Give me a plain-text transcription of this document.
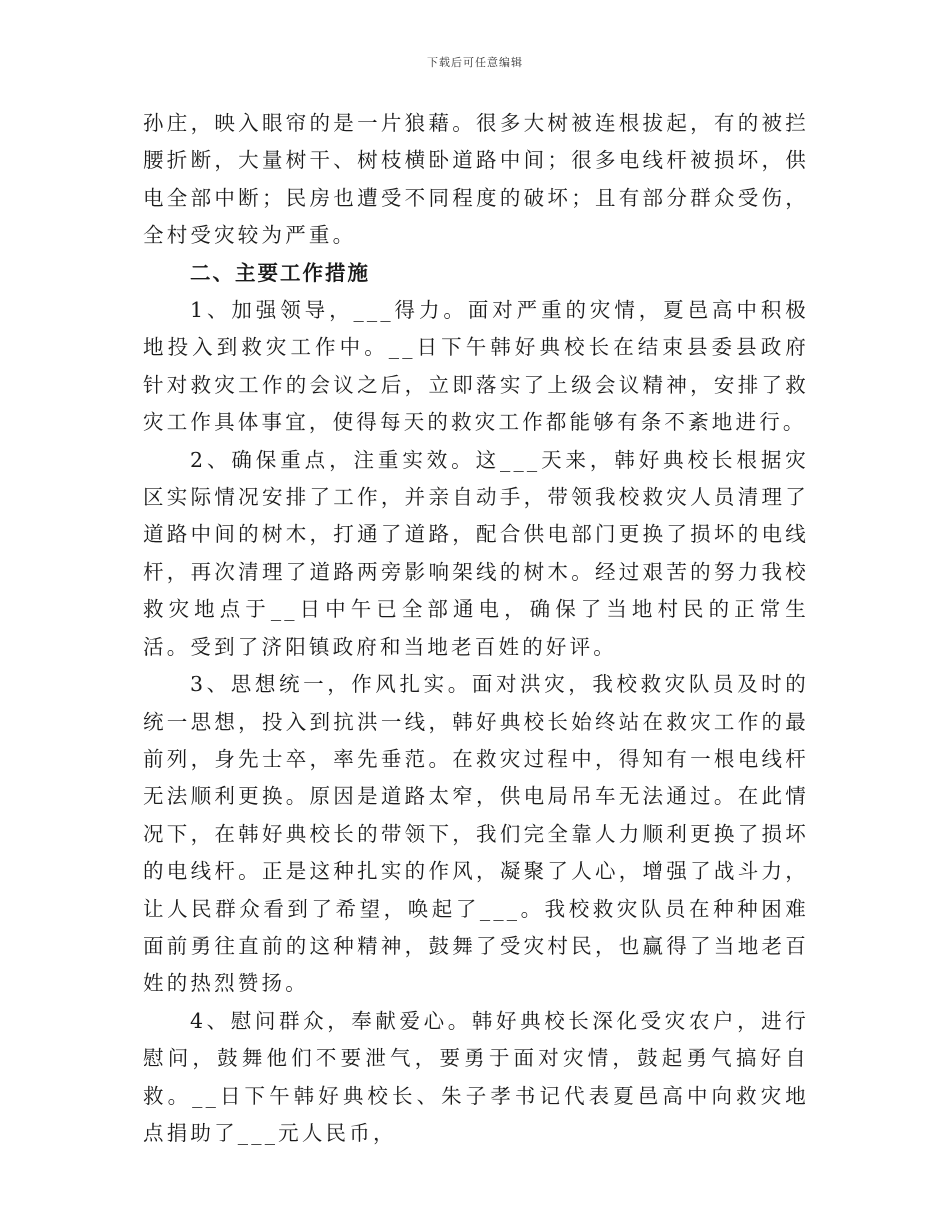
下载后可任意编辑

孙庄，映入眼帘的是一片狼藉。很多大树被连根拔起，有的被拦腰折断，大量树干、树枝横卧道路中间；很多电线杆被损坏，供电全部中断；民房也遭受不同程度的破坏；且有部分群众受伤，全村受灾较为严重。

二、主要工作措施

1、加强领导，___得力。面对严重的灾情，夏邑高中积极地投入到救灾工作中。__日下午韩好典校长在结束县委县政府针对救灾工作的会议之后，立即落实了上级会议精神，安排了救灾工作具体事宜，使得每天的救灾工作都能够有条不紊地进行。

2、确保重点，注重实效。这___天来，韩好典校长根据灾区实际情况安排了工作，并亲自动手，带领我校救灾人员清理了道路中间的树木，打通了道路，配合供电部门更换了损坏的电线杆，再次清理了道路两旁影响架线的树木。经过艰苦的努力我校救灾地点于__日中午已全部通电，确保了当地村民的正常生活。受到了济阳镇政府和当地老百姓的好评。

3、思想统一，作风扎实。面对洪灾，我校救灾队员及时的统一思想，投入到抗洪一线，韩好典校长始终站在救灾工作的最前列，身先士卒，率先垂范。在救灾过程中，得知有一根电线杆无法顺利更换。原因是道路太窄，供电局吊车无法通过。在此情况下，在韩好典校长的带领下，我们完全靠人力顺利更换了损坏的电线杆。正是这种扎实的作风，凝聚了人心，增强了战斗力，让人民群众看到了希望，唤起了___。我校救灾队员在种种困难面前勇往直前的这种精神，鼓舞了受灾村民，也赢得了当地老百姓的热烈赞扬。

4、慰问群众，奉献爱心。韩好典校长深化受灾农户，进行慰问，鼓舞他们不要泄气，要勇于面对灾情，鼓起勇气搞好自救。__日下午韩好典校长、朱子孝书记代表夏邑高中向救灾地点捐助了___元人民币，
